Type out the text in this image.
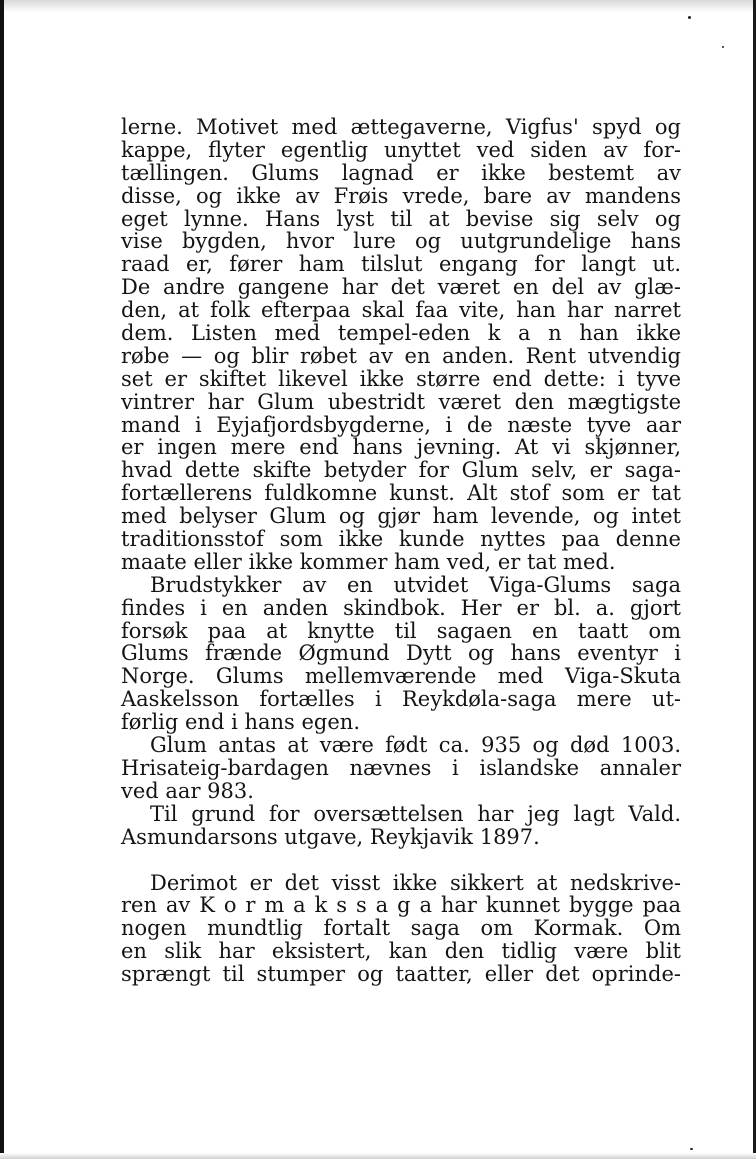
lerne. Motivet med ættegaverne, Vigfus' spyd og
kappe, flyter egentlig unyttet ved siden av for-
tællingen. Glums lagnad er ikke bestemt av
disse, og ikke av Frøis vrede, bare av mandens
eget lynne. Hans lyst til at bevise sig selv og
vise bygden, hvor lure og uutgrundelige hans
raad er, fører ham tilslut engang for langt ut.
De andre gangene har det været en del av glæ-
den, at folk efterpaa skal faa vite, han har narret
dem. Listen med tempel-eden k a n han ikke
røbe — og blir røbet av en anden. Rent utvendig
set er skiftet likevel ikke større end dette: i tyve
vintrer har Glum ubestridt været den mægtigste
mand i Eyjafjordsbygderne, i de næste tyve aar
er ingen mere end hans jevning. At vi skjønner,
hvad dette skifte betyder for Glum selv, er saga-
fortællerens fuldkomne kunst. Alt stof som er tat
med belyser Glum og gjør ham levende, og intet
traditionsstof som ikke kunde nyttes paa denne
maate eller ikke kommer ham ved, er tat med.
Brudstykker av en utvidet Viga-Glums saga
findes i en anden skindbok. Her er bl. a. gjort
forsøk paa at knytte til sagaen en taatt om
Glums frænde Øgmund Dytt og hans eventyr i
Norge. Glums mellemværende med Viga-Skuta
Aaskelsson fortælles i Reykdøla-saga mere ut-
førlig end i hans egen.
Glum antas at være født ca. 935 og død 1003.
Hrisateig-bardagen nævnes i islandske annaler
ved aar 983.
Til grund for oversættelsen har jeg lagt Vald.
Asmundarsons utgave, Reykjavik 1897.
Derimot er det visst ikke sikkert at nedskrive-
ren av K o r m a k s s a g a har kunnet bygge paa
nogen mundtlig fortalt saga om Kormak. Om
en slik har eksistert, kan den tidlig være blit
sprængt til stumper og taatter, eller det oprinde-
